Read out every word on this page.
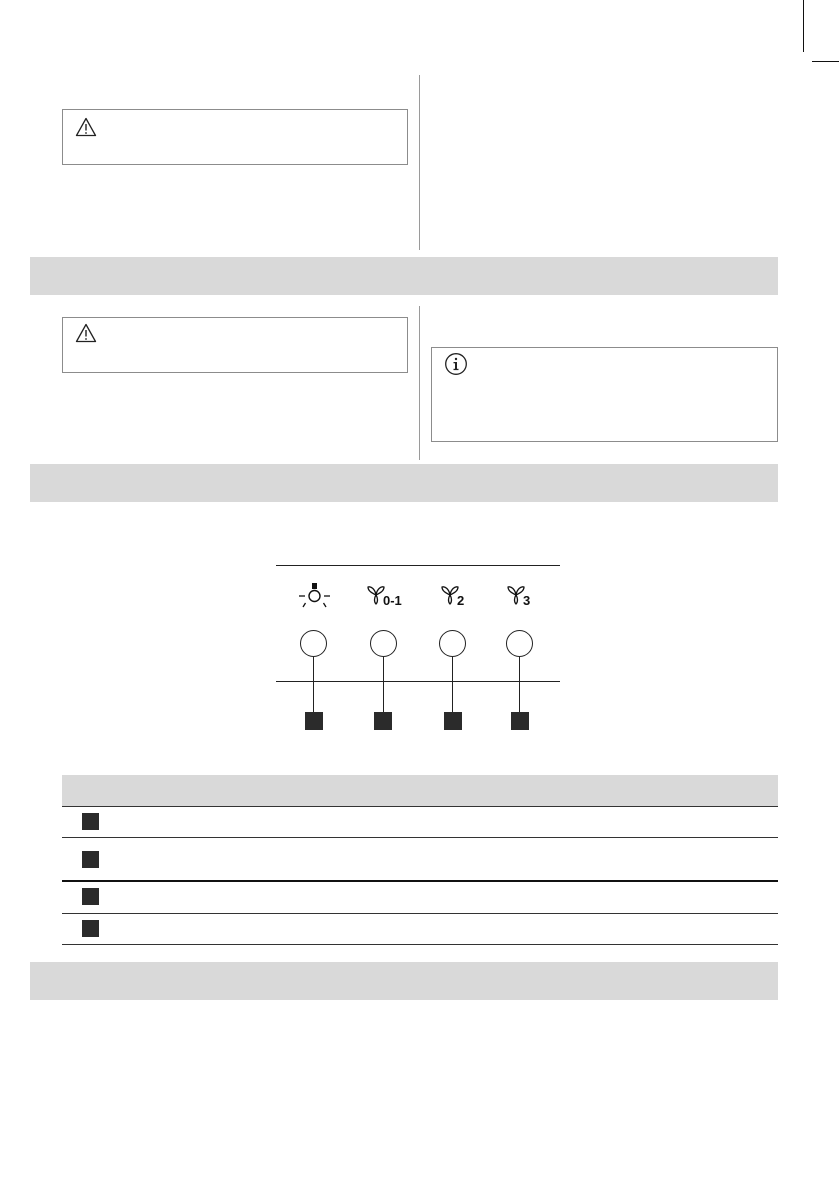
0-1	2	3
